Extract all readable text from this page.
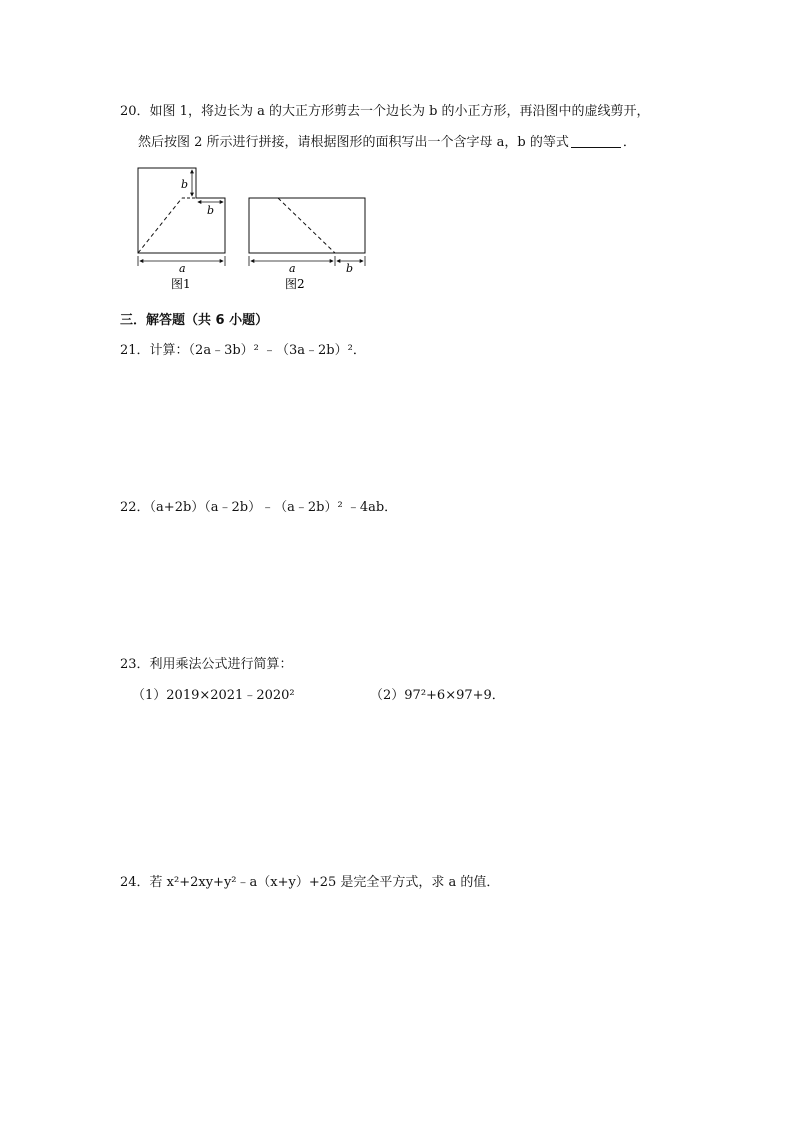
20．如图 1，将边长为 a 的大正方形剪去一个边长为 b 的小正方形，再沿图中的虚线剪开，
然后按图 2 所示进行拼接，请根据图形的面积写出一个含字母 a，b 的等式	．
b
b
a
图1
a	b
图2
三．解答题（共 6 小题）
21．计算：（2a﹣3b）² ﹣（3a﹣2b）²．
22．（a+2b）（a﹣2b）﹣（a﹣2b）² ﹣4ab．
23．利用乘法公式进行简算：
（1）2019×2021﹣2020²	（2）97²+6×97+9．
24．若 x²+2xy+y²﹣a（x+y）+25 是完全平方式，求 a 的值．
